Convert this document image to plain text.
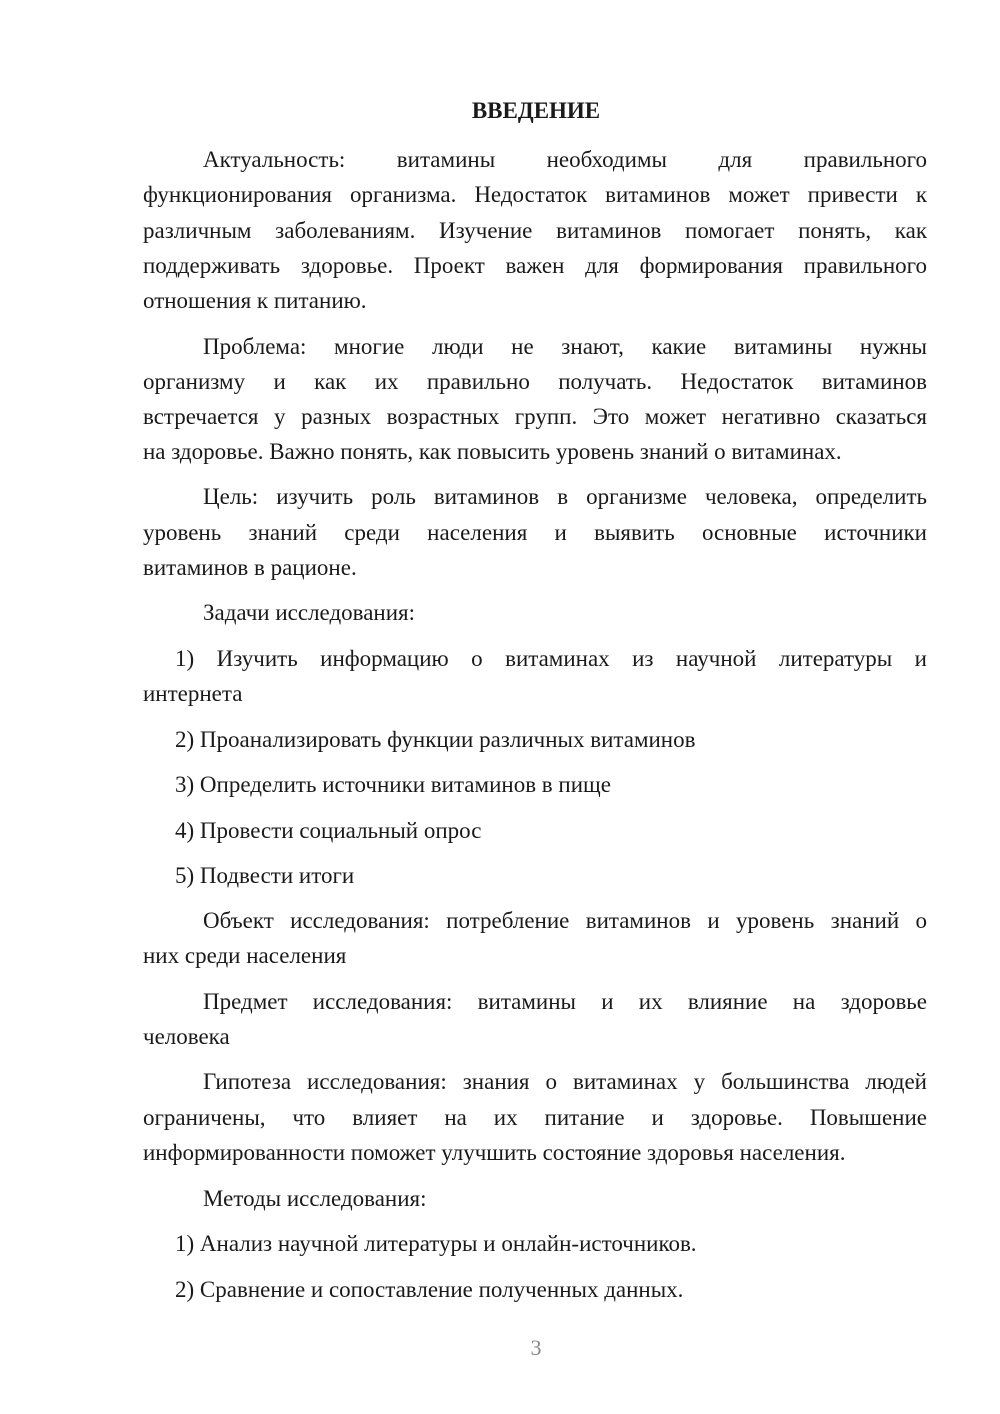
ВВЕДЕНИЕ
Актуальность: витамины необходимы для правильного
функционирования организма. Недостаток витаминов может привести к
различным заболеваниям. Изучение витаминов помогает понять, как
поддерживать здоровье. Проект важен для формирования правильного
отношения к питанию.
Проблема: многие люди не знают, какие витамины нужны
организму и как их правильно получать. Недостаток витаминов
встречается у разных возрастных групп. Это может негативно сказаться
на здоровье. Важно понять, как повысить уровень знаний о витаминах.
Цель: изучить роль витаминов в организме человека, определить
уровень знаний среди населения и выявить основные источники
витаминов в рационе.
Задачи исследования:
1) Изучить информацию о витаминах из научной литературы и
интернета
2) Проанализировать функции различных витаминов
3) Определить источники витаминов в пище
4) Провести социальный опрос
5) Подвести итоги
Объект исследования: потребление витаминов и уровень знаний о
них среди населения
Предмет исследования: витамины и их влияние на здоровье
человека
Гипотеза исследования: знания о витаминах у большинства людей
ограничены, что влияет на их питание и здоровье. Повышение
информированности поможет улучшить состояние здоровья населения.
Методы исследования:
1) Анализ научной литературы и онлайн-источников.
2) Сравнение и сопоставление полученных данных.
3
